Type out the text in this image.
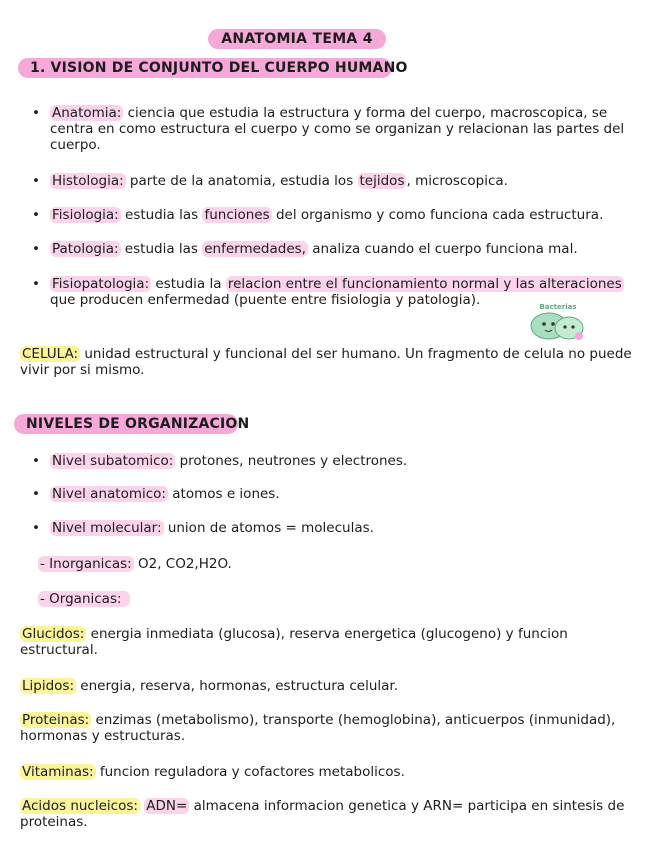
ANATOMIA TEMA 4
1. VISION DE CONJUNTO DEL CUERPO HUMANO
• Anatomia: ciencia que estudia la estructura y forma del cuerpo, macroscopica, se centra en como estructura el cuerpo y como se organizan y relacionan las partes del cuerpo.
• Histologia: parte de la anatomia, estudia los tejidos , microscopica.
• Fisiologia: estudia las funciones del organismo y como funciona cada estructura.
• Patologia: estudia las enfermedades, analiza cuando el cuerpo funciona mal.
• Fisiopatologia: estudia la relacion entre el funcionamiento normal y las alteraciones que producen enfermedad (puente entre fisiologia y patologia).	Bacterias
CELULA: unidad estructural y funcional del ser humano. Un fragmento de celula no puede vivir por si mismo.
NIVELES DE ORGANIZACION
• Nivel subatomico: protones, neutrones y electrones.
• Nivel anatomico: atomos e iones.
• Nivel molecular: union de atomos = moleculas.
- Inorganicas: O2, CO2,H2O.
- Organicas:
Glucidos: energia inmediata (glucosa), reserva energetica (glucogeno) y funcion estructural.
Lipidos: energia, reserva, hormonas, estructura celular.
Proteinas: enzimas (metabolismo), transporte (hemoglobina), anticuerpos (inmunidad), hormonas y estructuras.
Vitaminas: funcion reguladora y cofactores metabolicos.
Acidos nucleicos: ADN= almacena informacion genetica y ARN= participa en sintesis de proteinas.
